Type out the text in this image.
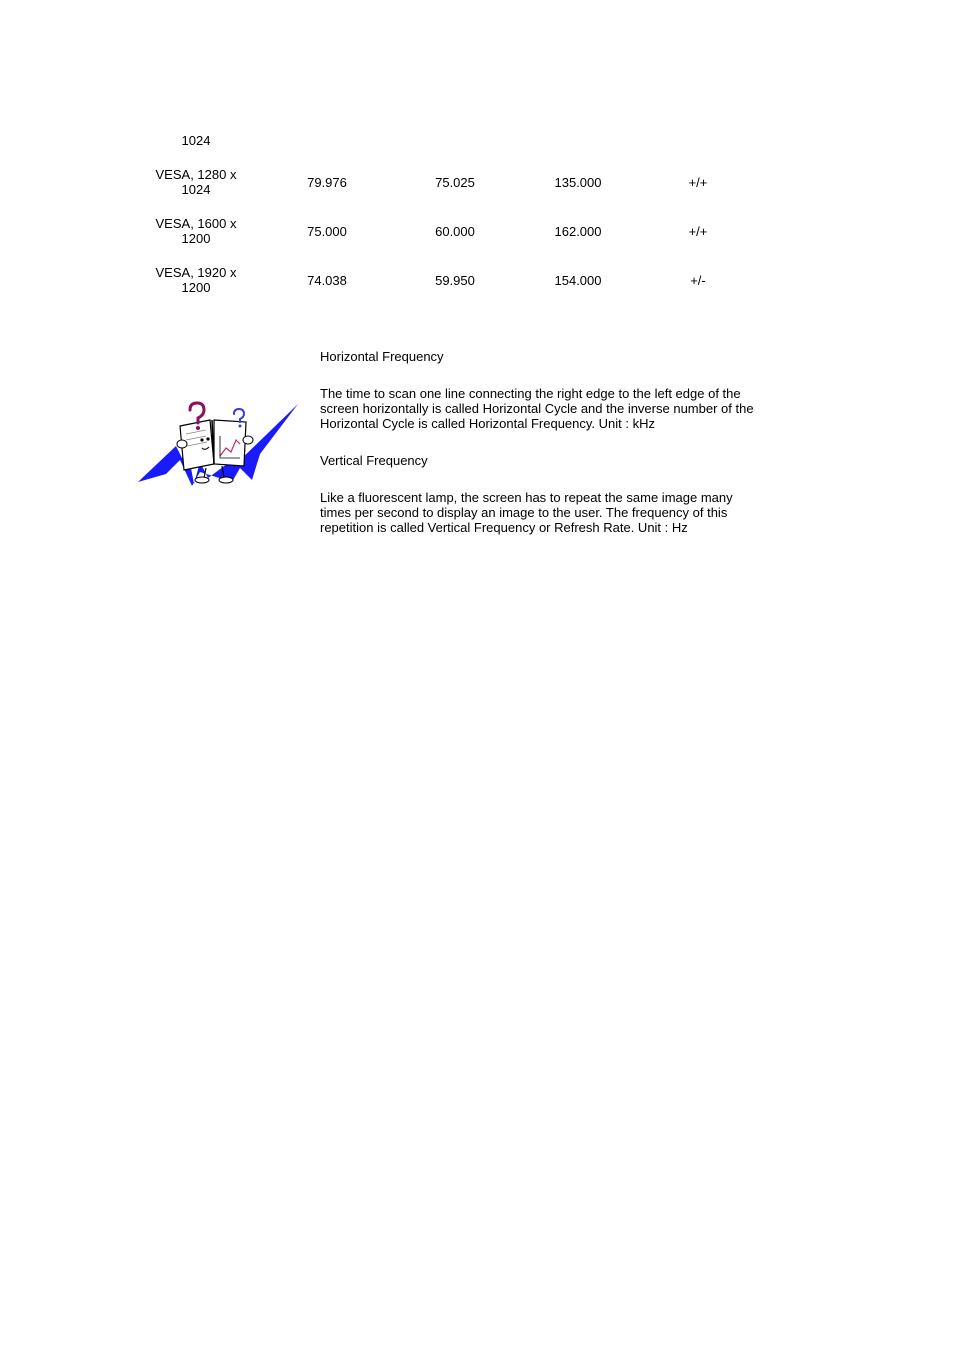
1024
VESA, 1280 x
1024	79.976	75.025	135.000	+/+
VESA, 1600 x
1200	75.000	60.000	162.000	+/+
VESA, 1920 x
1200	74.038	59.950	154.000	+/-

Horizontal Frequency

The time to scan one line connecting the right edge to the left edge of the screen horizontally is called Horizontal Cycle and the inverse number of the Horizontal Cycle is called Horizontal Frequency. Unit : kHz

Vertical Frequency

Like a fluorescent lamp, the screen has to repeat the same image many times per second to display an image to the user. The frequency of this repetition is called Vertical Frequency or Refresh Rate. Unit : Hz
